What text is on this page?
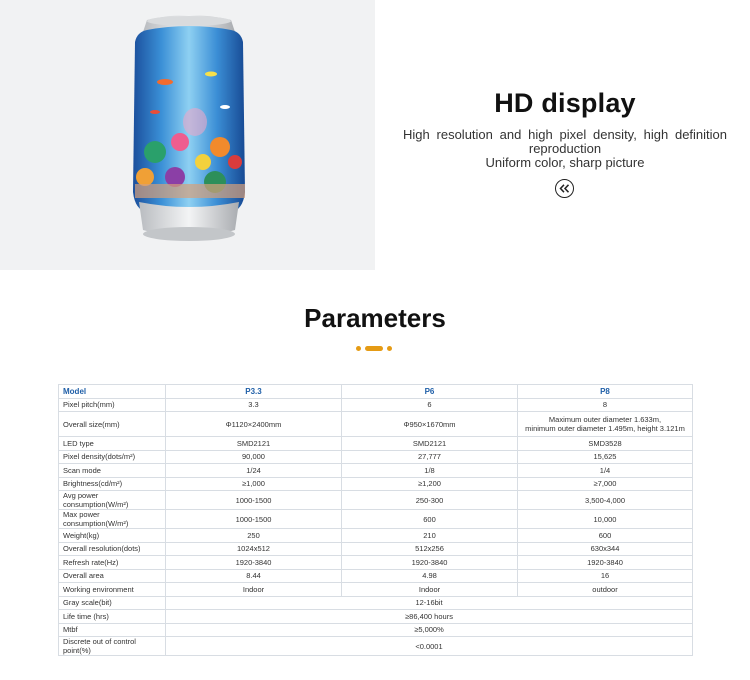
HD display
High resolution and high pixel density, high definition reproduction
Uniform color, sharp picture
Parameters
Model	P3.3	P6	P8
Pixel pitch(mm)	3.3	6	8
Overall size(mm)	Φ1120×2400mm	Φ950×1670mm	Maximum outer diameter 1.633m,
minimum outer diameter 1.495m, height 3.121m

LED type	SMD2121	SMD2121	SMD3528
Pixel density(dots/m²)	90,000	27,777	15,625
Scan mode	1/24	1/8	1/4
Brightness(cd/m²)	≥1,000	≥1,200	≥7,000
Avg power consumption(W/m²)	1000-1500	250-300	3,500-4,000
Max power consumption(W/m²)	1000-1500	600	10,000
Weight(kg)	250	210	600
Overall resolution(dots)	1024x512	512x256	630x344
Refresh rate(Hz)	1920-3840	1920-3840	1920-3840
Overall area	8.44	4.98	16
Working environment	Indoor	Indoor	outdoor
Gray scale(bit)	12-16bit		
Life time (hrs)	≥86,400 hours		
Mtbf	≥5,000%		
Discrete out of control point(%)	<0.0001		
